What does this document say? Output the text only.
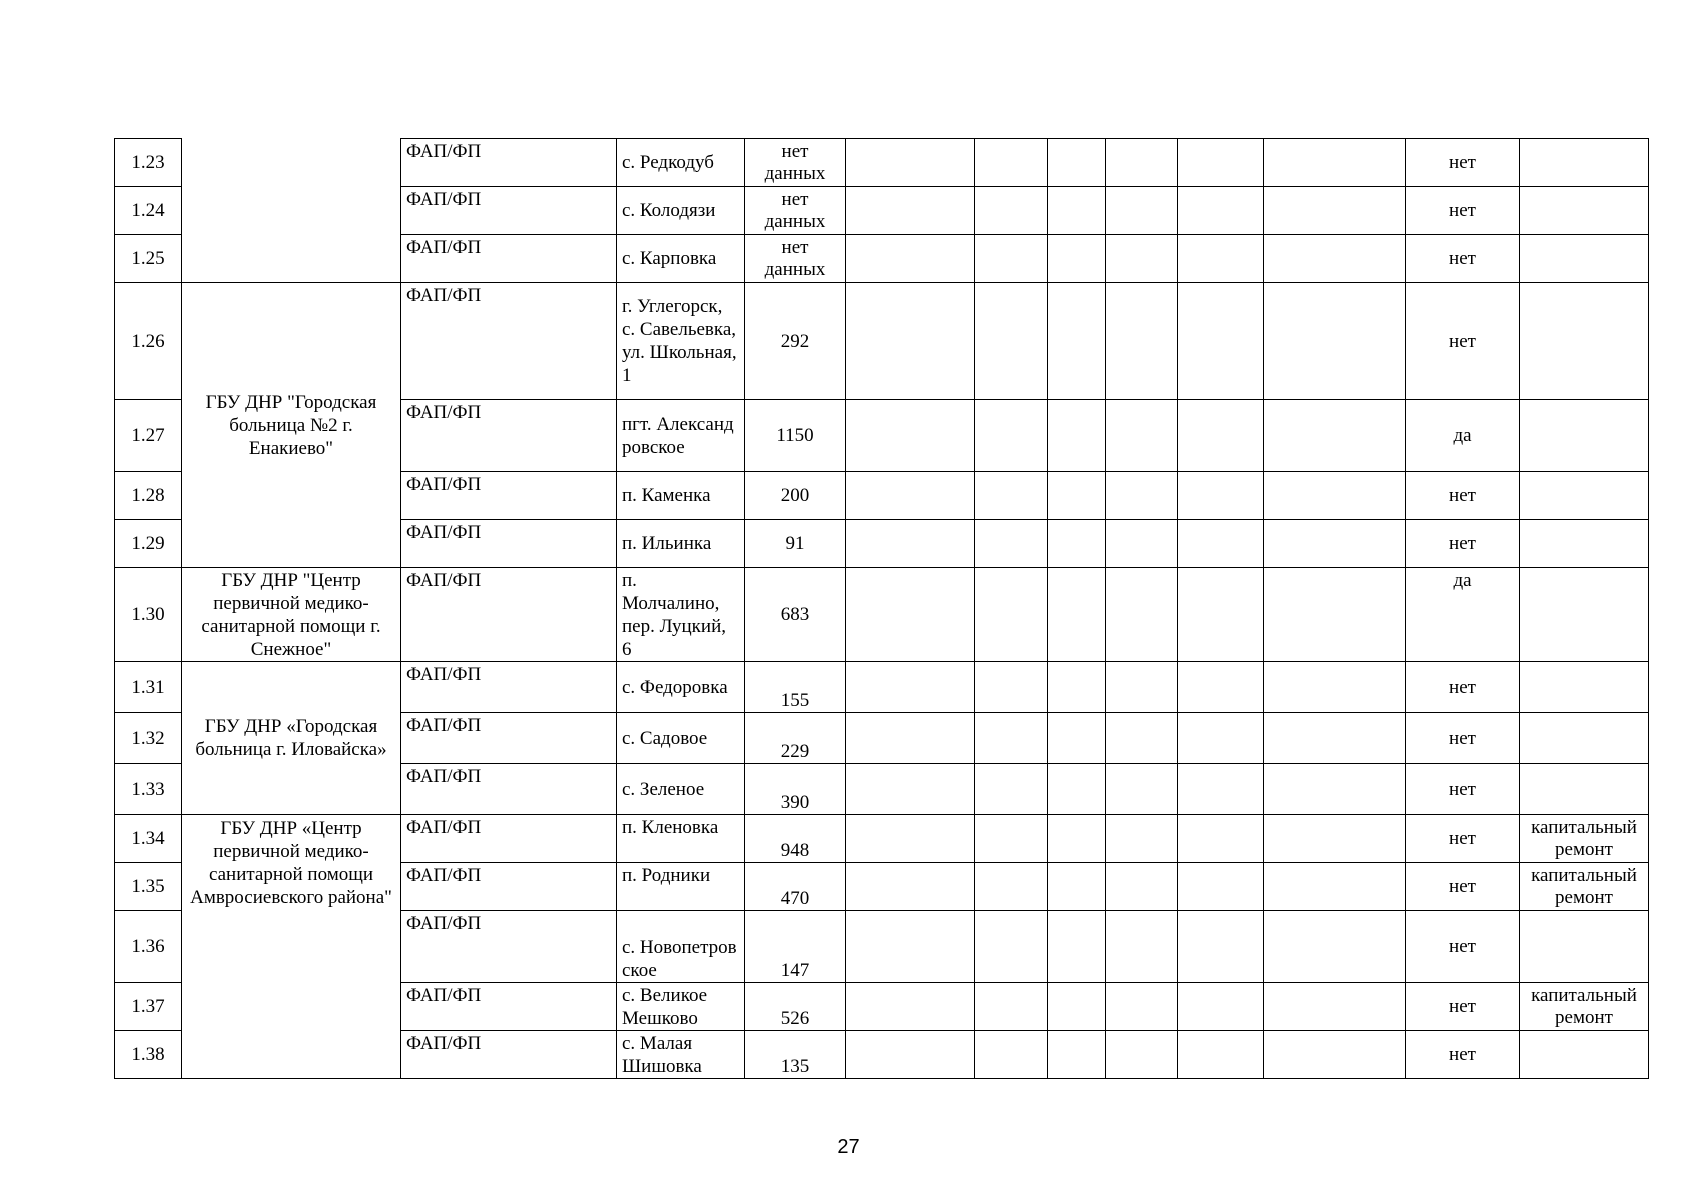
1.23		ФАП/ФП	с. Редкодуб	нет данных							нет	
1.24		ФАП/ФП	с. Колодязи	нет данных							нет	
1.25		ФАП/ФП	с. Карповка	нет данных							нет	
1.26	ГБУ ДНР "Городская больница №2 г. Енакиево"	ФАП/ФП	г. Углегорск, с. Савельевка, ул. Школьная, 1	292							нет	
1.27		ФАП/ФП	пгт. Александровское	1150							да	
1.28		ФАП/ФП	п. Каменка	200							нет	
1.29		ФАП/ФП	п. Ильинка	91							нет	
1.30	ГБУ ДНР "Центр первичной медико-санитарной помощи г. Снежное"	ФАП/ФП	п. Молчалино, пер. Луцкий, 6	683							да	
1.31	ГБУ ДНР «Городская больница г. Иловайска»	ФАП/ФП	с. Федоровка	155							нет	
1.32		ФАП/ФП	с. Садовое	229							нет	
1.33		ФАП/ФП	с. Зеленое	390							нет	
1.34	ГБУ ДНР «Центр первичной медико-санитарной помощи Амвросиевского района"	ФАП/ФП	п. Кленовка	948							нет	капитальный ремонт
1.35		ФАП/ФП	п. Родники	470							нет	капитальный ремонт
1.36		ФАП/ФП	с. Новопетровское	147							нет	
1.37		ФАП/ФП	с. Великое Мешково	526							нет	капитальный ремонт
1.38		ФАП/ФП	с. Малая Шишовка	135							нет	
27
